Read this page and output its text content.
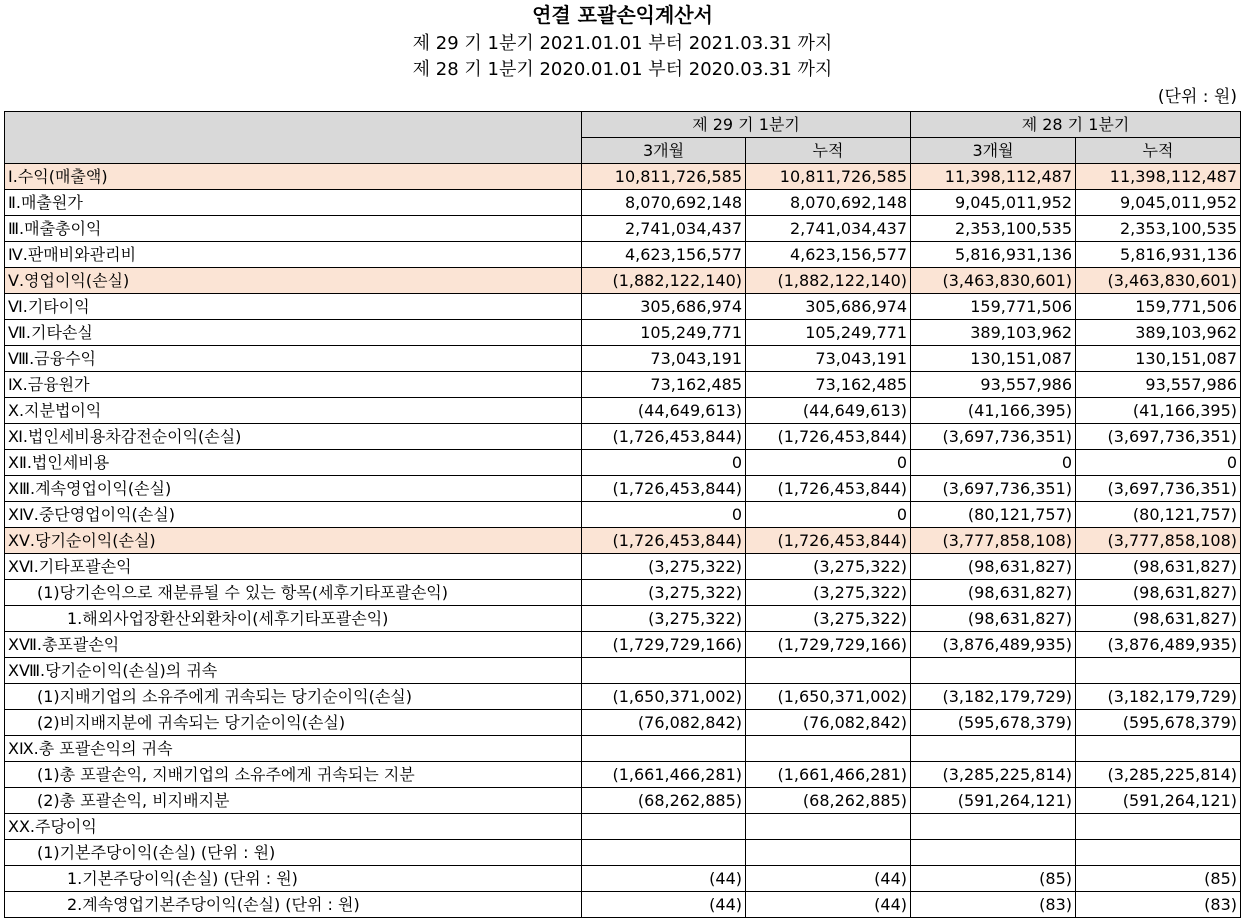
연결 포괄손익계산서
제 29 기 1분기 2021.01.01 부터 2021.03.31 까지
제 28 기 1분기 2020.01.01 부터 2020.03.31 까지
(단위 : 원)
	제 29 기 1분기		제 28 기 1분기	
	3개월	누적	3개월	누적
Ⅰ.수익(매출액)	10,811,726,585	10,811,726,585	11,398,112,487	11,398,112,487
Ⅱ.매출원가	8,070,692,148	8,070,692,148	9,045,011,952	9,045,011,952
Ⅲ.매출총이익	2,741,034,437	2,741,034,437	2,353,100,535	2,353,100,535
Ⅳ.판매비와관리비	4,623,156,577	4,623,156,577	5,816,931,136	5,816,931,136
Ⅴ.영업이익(손실)	(1,882,122,140)	(1,882,122,140)	(3,463,830,601)	(3,463,830,601)
Ⅵ.기타이익	305,686,974	305,686,974	159,771,506	159,771,506
Ⅶ.기타손실	105,249,771	105,249,771	389,103,962	389,103,962
Ⅷ.금융수익	73,043,191	73,043,191	130,151,087	130,151,087
Ⅸ.금융원가	73,162,485	73,162,485	93,557,986	93,557,986
Ⅹ.지분법이익	(44,649,613)	(44,649,613)	(41,166,395)	(41,166,395)
Ⅺ.법인세비용차감전순이익(손실)	(1,726,453,844)	(1,726,453,844)	(3,697,736,351)	(3,697,736,351)
XⅡ.법인세비용	0	0	0	0
XⅢ.계속영업이익(손실)	(1,726,453,844)	(1,726,453,844)	(3,697,736,351)	(3,697,736,351)
XⅣ.중단영업이익(손실)	0	0	(80,121,757)	(80,121,757)
XⅤ.당기순이익(손실)	(1,726,453,844)	(1,726,453,844)	(3,777,858,108)	(3,777,858,108)
XⅥ.기타포괄손익	(3,275,322)	(3,275,322)	(98,631,827)	(98,631,827)
(1)당기손익으로 재분류될 수 있는 항목(세후기타포괄손익)	(3,275,322)	(3,275,322)	(98,631,827)	(98,631,827)
1.해외사업장환산외환차이(세후기타포괄손익)	(3,275,322)	(3,275,322)	(98,631,827)	(98,631,827)
XⅦ.총포괄손익	(1,729,729,166)	(1,729,729,166)	(3,876,489,935)	(3,876,489,935)
XⅧ.당기순이익(손실)의 귀속				
(1)지배기업의 소유주에게 귀속되는 당기순이익(손실)	(1,650,371,002)	(1,650,371,002)	(3,182,179,729)	(3,182,179,729)
(2)비지배지분에 귀속되는 당기순이익(손실)	(76,082,842)	(76,082,842)	(595,678,379)	(595,678,379)
XⅨ.총 포괄손익의 귀속				
(1)총 포괄손익, 지배기업의 소유주에게 귀속되는 지분	(1,661,466,281)	(1,661,466,281)	(3,285,225,814)	(3,285,225,814)
(2)총 포괄손익, 비지배지분	(68,262,885)	(68,262,885)	(591,264,121)	(591,264,121)
XX.주당이익				
(1)기본주당이익(손실) (단위 : 원)				
1.기본주당이익(손실) (단위 : 원)	(44)	(44)	(85)	(85)
2.계속영업기본주당이익(손실) (단위 : 원)	(44)	(44)	(83)	(83)
